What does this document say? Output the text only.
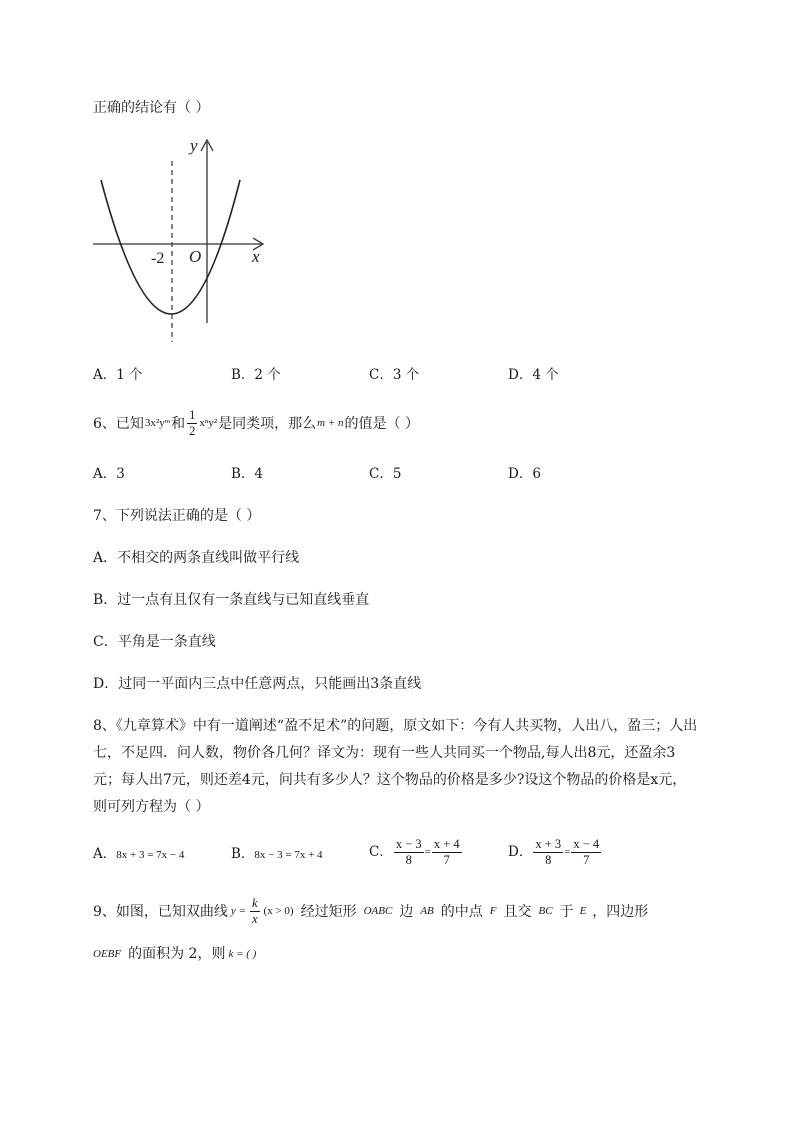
正确的结论有（ ）
y
x
O
-2
A．1 个	B．2 个	C．3 个	D．4 个
6、已知 3x²yᵐ 和 $\frac{1}{2} x^ny^2$ 是同类项，那么 m + n 的值是（ ）
A．3	B．4	C．5	D．6
7、下列说法正确的是（ ）
A．不相交的两条直线叫做平行线
B．过一点有且仅有一条直线与已知直线垂直
C．平角是一条直线
D．过同一平面内三点中任意两点，只能画出3条直线
8、《九章算术》中有一道阐述“盈不足术”的问题，原文如下：今有人共买物，人出八，盈三；人出
七，不足四．问人数，物价各几何？译文为：现有一些人共同买一个物品,每人出8元，还盈余3
元；每人出7元，则还差4元，问共有多少人？这个物品的价格是多少?设这个物品的价格是x元，
则可列方程为（ ）
A．8x + 3 = 7x − 4	B．8x − 3 = 7x + 4	C． $\frac{x - 3}{8} = \frac{x + 4}{7}$	D． $\frac{x + 3}{8} = \frac{x - 4}{7}$
9、如图，已知双曲线 $y = \frac{k}{x} (x > 0)$ 经过矩形 OABC 边 AB 的中点 F 且交 BC 于 E ，四边形
OEBF 的面积为 2，则 k = ( )
